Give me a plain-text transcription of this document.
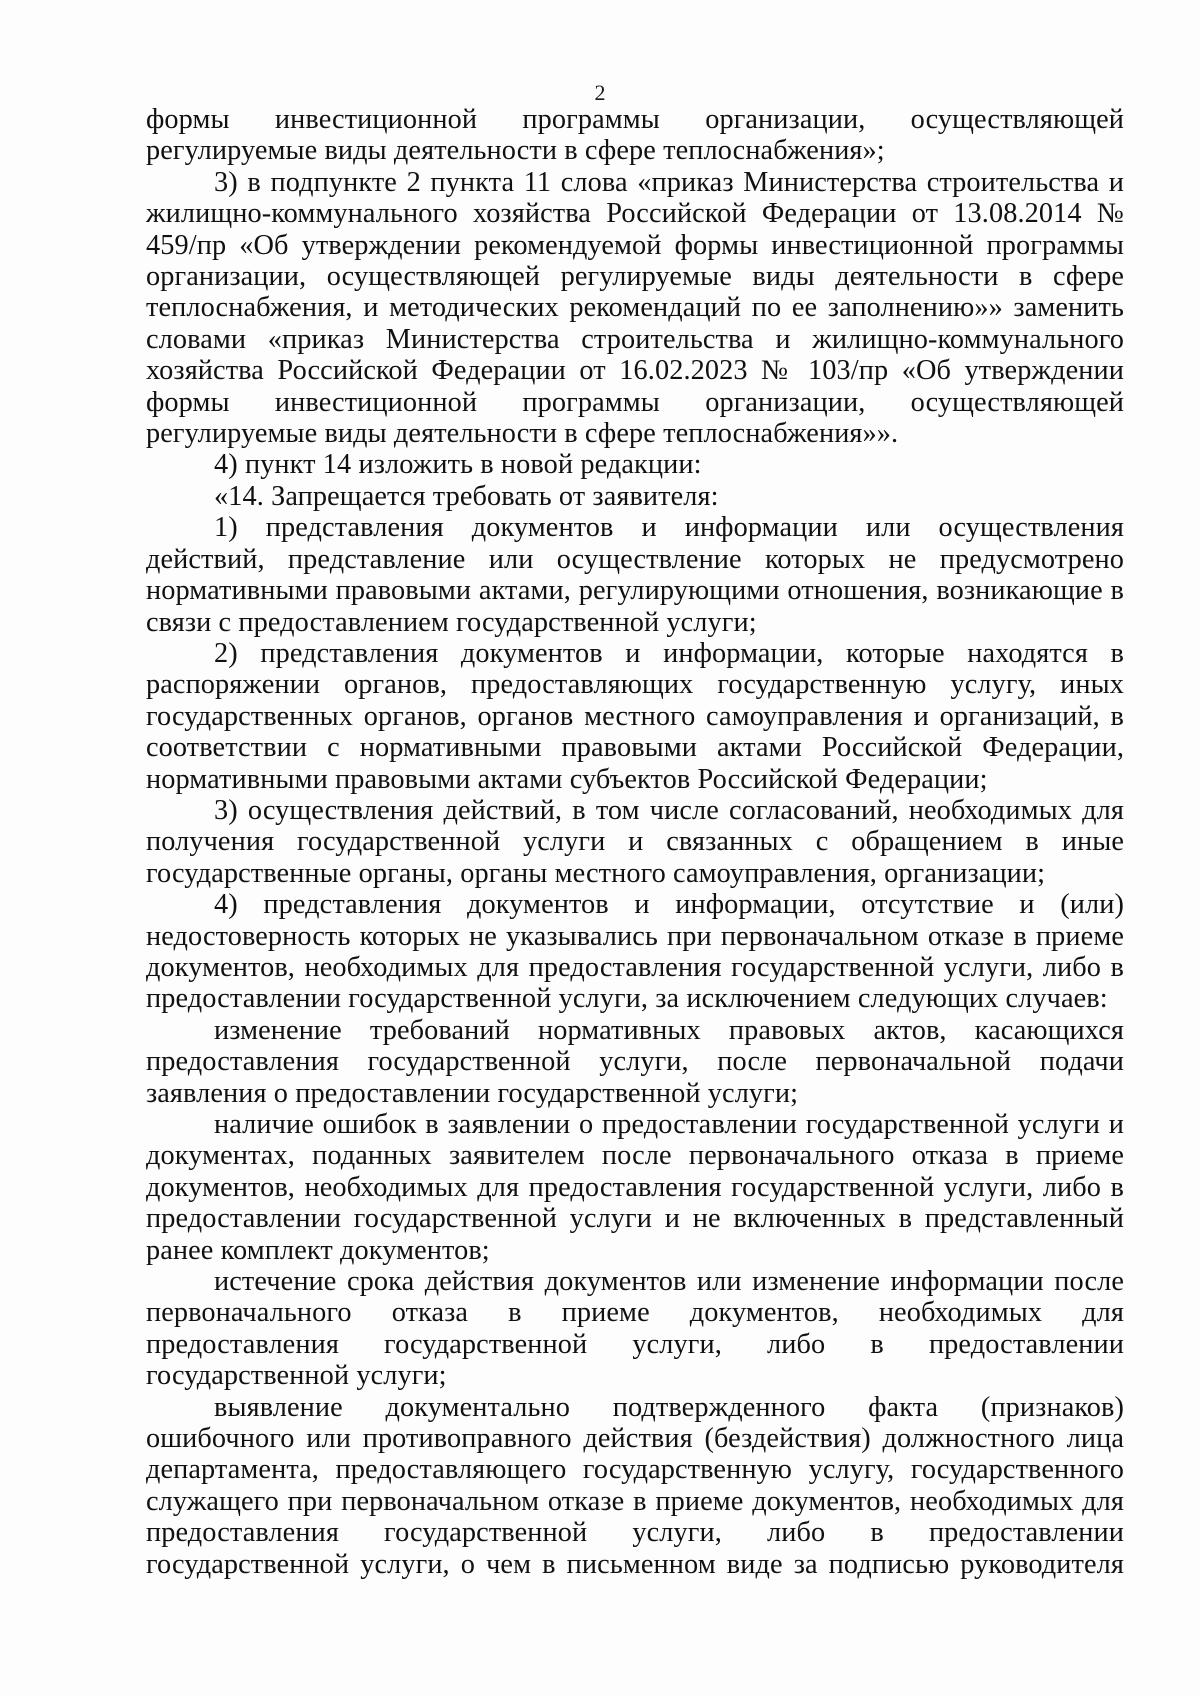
2

формы инвестиционной программы организации, осуществляющей регулируемые виды деятельности в сфере теплоснабжения»;

3) в подпункте 2 пункта 11 слова «приказ Министерства строительства и жилищно-коммунального хозяйства Российской Федерации от 13.08.2014 № 459/пр «Об утверждении рекомендуемой формы инвестиционной программы организации, осуществляющей регулируемые виды деятельности в сфере теплоснабжения, и методических рекомендаций по ее заполнению»» заменить словами «приказ Министерства строительства и жилищно-коммунального хозяйства Российской Федерации от 16.02.2023 № 103/пр «Об утверждении формы инвестиционной программы организации, осуществляющей регулируемые виды деятельности в сфере теплоснабжения»».

4) пункт 14 изложить в новой редакции:

«14. Запрещается требовать от заявителя:

1) представления документов и информации или осуществления действий, представление или осуществление которых не предусмотрено нормативными правовыми актами, регулирующими отношения, возникающие в связи с предоставлением государственной услуги;

2) представления документов и информации, которые находятся в распоряжении органов, предоставляющих государственную услугу, иных государственных органов, органов местного самоуправления и организаций, в соответствии с нормативными правовыми актами Российской Федерации, нормативными правовыми актами субъектов Российской Федерации;

3) осуществления действий, в том числе согласований, необходимых для получения государственной услуги и связанных с обращением в иные государственные органы, органы местного самоуправления, организации;

4) представления документов и информации, отсутствие и (или) недостоверность которых не указывались при первоначальном отказе в приеме документов, необходимых для предоставления государственной услуги, либо в предоставлении государственной услуги, за исключением следующих случаев:

изменение требований нормативных правовых актов, касающихся предоставления государственной услуги, после первоначальной подачи заявления о предоставлении государственной услуги;

наличие ошибок в заявлении о предоставлении государственной услуги и документах, поданных заявителем после первоначального отказа в приеме документов, необходимых для предоставления государственной услуги, либо в предоставлении государственной услуги и не включенных в представленный ранее комплект документов;

истечение срока действия документов или изменение информации после первоначального отказа в приеме документов, необходимых для предоставления государственной услуги, либо в предоставлении государственной услуги;

выявление документально подтвержденного факта (признаков) ошибочного или противоправного действия (бездействия) должностного лица департамента, предоставляющего государственную услугу, государственного служащего при первоначальном отказе в приеме документов, необходимых для предоставления государственной услуги, либо в предоставлении государственной услуги, о чем в письменном виде за подписью руководителя
